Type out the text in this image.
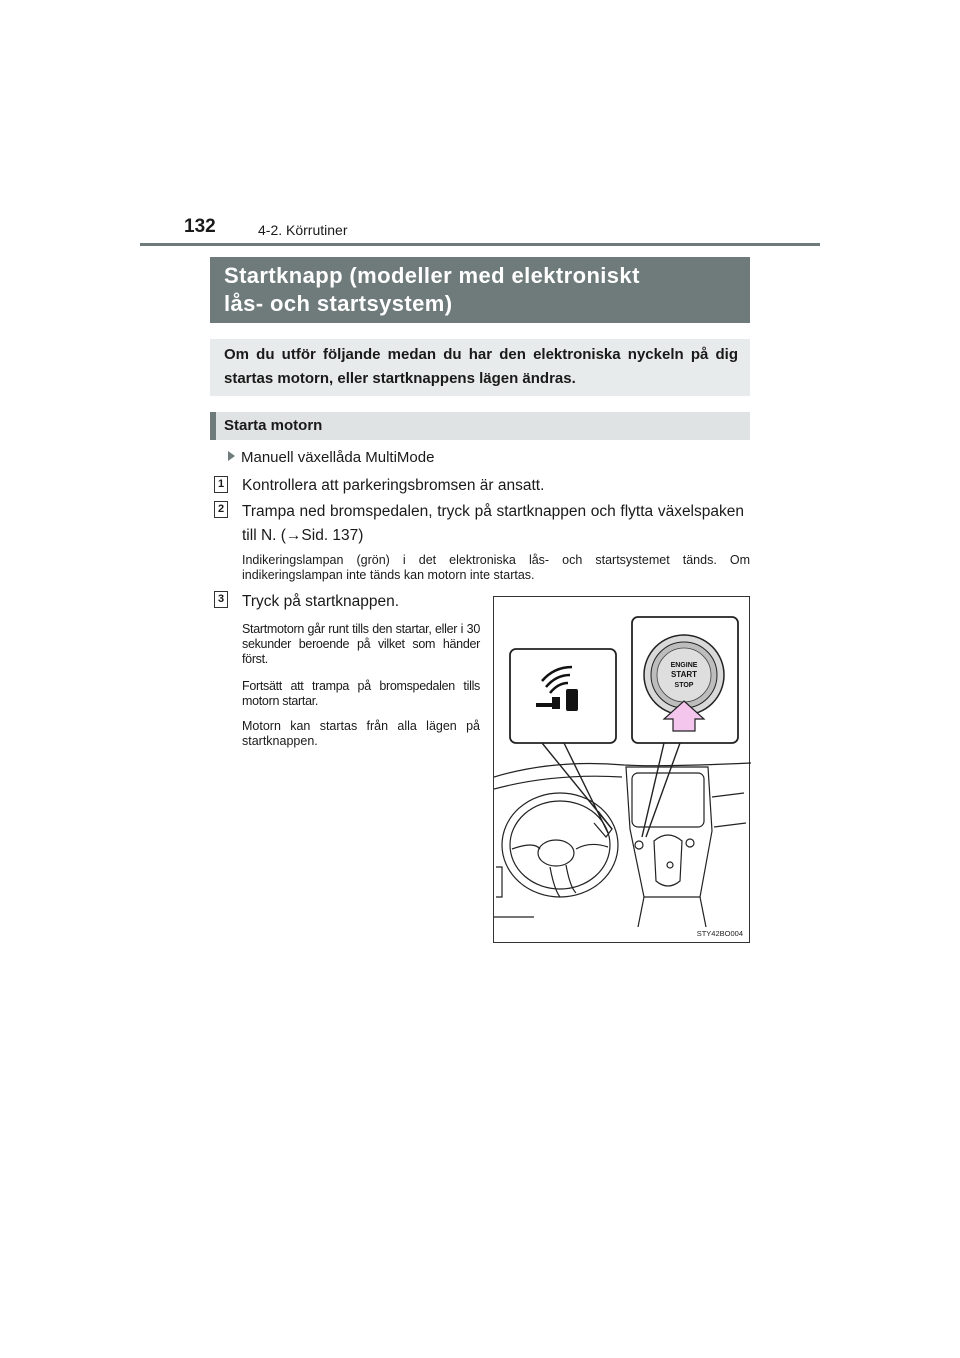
132	4-2. Körrutiner
Startknapp (modeller med elektroniskt
lås- och startsystem)
Om du utför följande medan du har den elektroniska nyckeln på dig startas motorn, eller startknappens lägen ändras.
Starta motorn
Manuell växellåda MultiMode
1 Kontrollera att parkeringsbromsen är ansatt.
2 Trampa ned bromspedalen, tryck på startknappen och flytta växelspaken till N. (→Sid. 137)
Indikeringslampan (grön) i det elektroniska lås- och startsystemet tänds. Om indikeringslampan inte tänds kan motorn inte startas.
3 Tryck på startknappen.
Startmotorn går runt tills den startar, eller i 30 sekunder beroende på vilket som händer först.
Fortsätt att trampa på bromspedalen tills motorn startar.
Motorn kan startas från alla lägen på startknappen.
ENGINE
START
STOP
STY42BO004
